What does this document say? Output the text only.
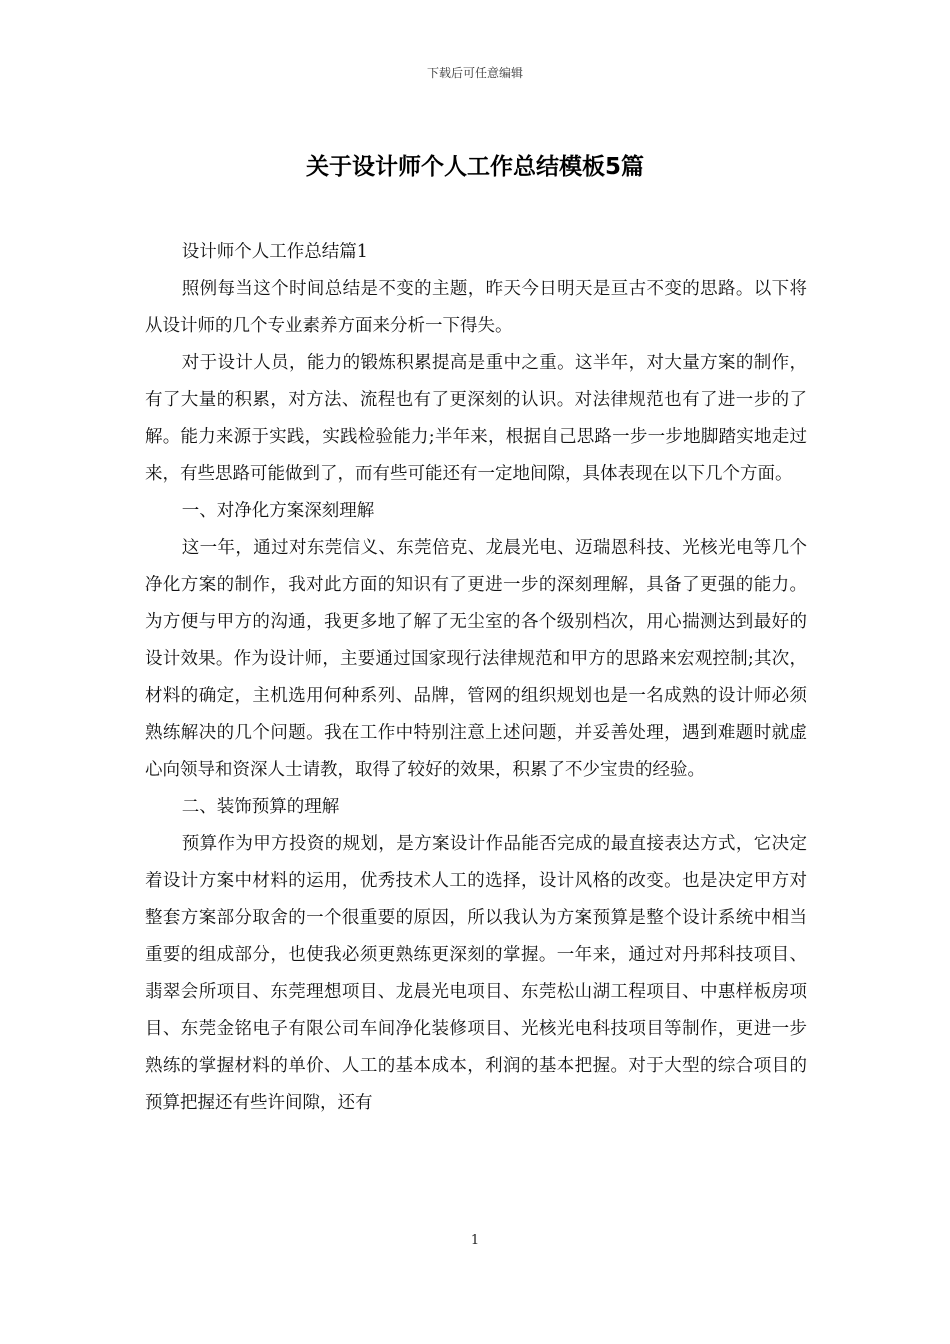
下载后可任意编辑
关于设计师个人工作总结模板5篇

设计师个人工作总结篇1

照例每当这个时间总结是不变的主题，昨天今日明天是亘古不变的思路。以下将从设计师的几个专业素养方面来分析一下得失。

对于设计人员，能力的锻炼积累提高是重中之重。这半年，对大量方案的制作，有了大量的积累，对方法、流程也有了更深刻的认识。对法律规范也有了进一步的了解。能力来源于实践，实践检验能力;半年来，根据自己思路一步一步地脚踏实地走过来，有些思路可能做到了，而有些可能还有一定地间隙，具体表现在以下几个方面。

一、对净化方案深刻理解

这一年，通过对东莞信义、东莞倍克、龙晨光电、迈瑞恩科技、光核光电等几个净化方案的制作，我对此方面的知识有了更进一步的深刻理解，具备了更强的能力。为方便与甲方的沟通，我更多地了解了无尘室的各个级别档次，用心揣测达到最好的设计效果。作为设计师，主要通过国家现行法律规范和甲方的思路来宏观控制;其次，材料的确定，主机选用何种系列、品牌，管网的组织规划也是一名成熟的设计师必须熟练解决的几个问题。我在工作中特别注意上述问题，并妥善处理，遇到难题时就虚心向领导和资深人士请教，取得了较好的效果，积累了不少宝贵的经验。

二、装饰预算的理解

预算作为甲方投资的规划，是方案设计作品能否完成的最直接表达方式，它决定着设计方案中材料的运用，优秀技术人工的选择，设计风格的改变。也是决定甲方对整套方案部分取舍的一个很重要的原因，所以我认为方案预算是整个设计系统中相当重要的组成部分，也使我必须更熟练更深刻的掌握。一年来，通过对丹邦科技项目、翡翠会所项目、东莞理想项目、龙晨光电项目、东莞松山湖工程项目、中惠样板房项目、东莞金铭电子有限公司车间净化装修项目、光核光电科技项目等制作，更进一步熟练的掌握材料的单价、人工的基本成本，利润的基本把握。对于大型的综合项目的预算把握还有些许间隙，还有

1
